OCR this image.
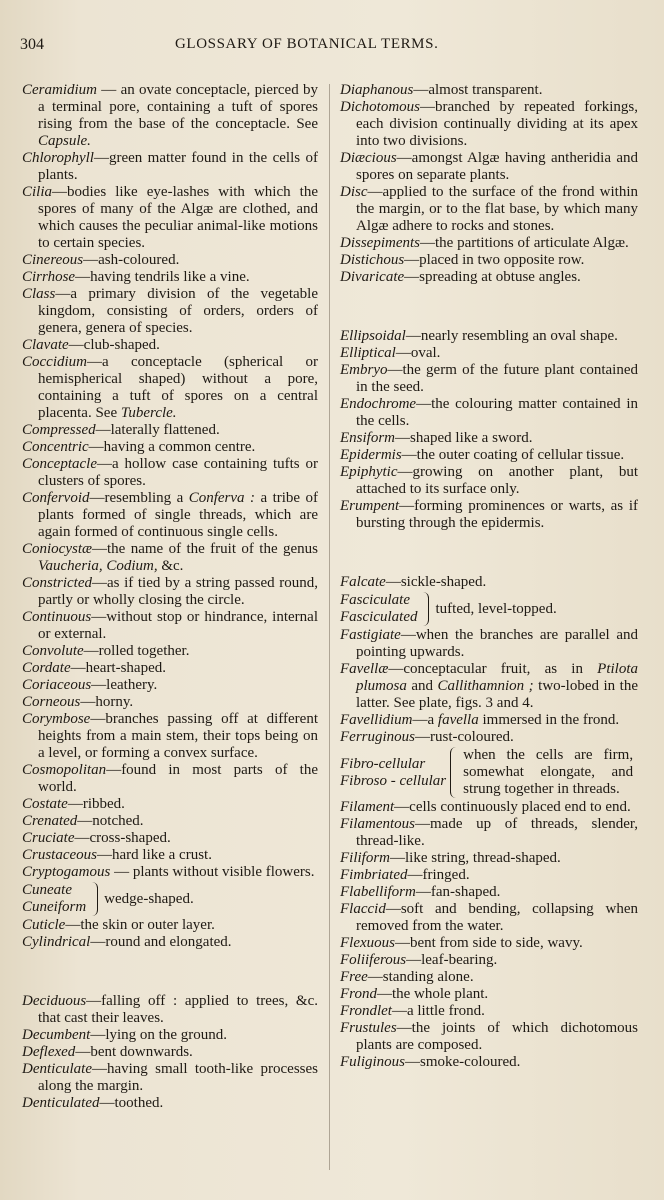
304	GLOSSARY OF BOTANICAL TERMS.

Ceramidium — an ovate conceptacle, pierced by a terminal pore, containing a tuft of spores rising from the base of the conceptacle. See Capsule.

Chlorophyll—green matter found in the cells of plants.

Cilia—bodies like eye-lashes with which the spores of many of the Algæ are clothed, and which causes the peculiar animal-like motions to certain species.

Cinereous—ash-coloured.

Cirrhose—having tendrils like a vine.

Class—a primary division of the vegetable kingdom, consisting of orders, orders of genera, genera of species.

Clavate—club-shaped.

Coccidium—a conceptacle (spherical or hemispherical shaped) without a pore, containing a tuft of spores on a central placenta. See Tubercle.

Compressed—laterally flattened.

Concentric—having a common centre.

Conceptacle—a hollow case containing tufts or clusters of spores.

Confervoid—resembling a Conferva : a tribe of plants formed of single threads, which are again formed of continuous single cells.

Coniocystæ—the name of the fruit of the genus Vaucheria, Codium, &c.

Constricted—as if tied by a string passed round, partly or wholly closing the circle.

Continuous—without stop or hindrance, internal or external.

Convolute—rolled together.

Cordate—heart-shaped.

Coriaceous—leathery.

Corneous—horny.

Corymbose—branches passing off at different heights from a main stem, their tops being on a level, or forming a convex surface.

Cosmopolitan—found in most parts of the world.

Costate—ribbed.

Crenated—notched.

Cruciate—cross-shaped.

Crustaceous—hard like a crust.

Cryptogamous — plants without visible flowers.

Cuneate
Cuneiform
wedge-shaped.

Cuticle—the skin or outer layer.

Cylindrical—round and elongated.

Deciduous—falling off : applied to trees, &c. that cast their leaves.

Decumbent—lying on the ground.

Deflexed—bent downwards.

Denticulate—having small tooth-like processes along the margin.

Denticulated—toothed.

Diaphanous—almost transparent.

Dichotomous—branched by repeated forkings, each division continually dividing at its apex into two divisions.

Diæcious—amongst Algæ having antheridia and spores on separate plants.

Disc—applied to the surface of the frond within the margin, or to the flat base, by which many Algæ adhere to rocks and stones.

Dissepiments—the partitions of articulate Algæ.

Distichous—placed in two opposite row.

Divaricate—spreading at obtuse angles.

Ellipsoidal—nearly resembling an oval shape.

Elliptical—oval.

Embryo—the germ of the future plant contained in the seed.

Endochrome—the colouring matter contained in the cells.

Ensiform—shaped like a sword.

Epidermis—the outer coating of cellular tissue.

Epiphytic—growing on another plant, but attached to its surface only.

Erumpent—forming prominences or warts, as if bursting through the epidermis.

Falcate—sickle-shaped.

Fasciculate
Fasciculated
tufted, level-topped.

Fastigiate—when the branches are parallel and pointing upwards.

Favellæ—conceptacular fruit, as in Ptilota plumosa and Callithamnion ; two-lobed in the latter. See plate, figs. 3 and 4.

Favellidium—a favella immersed in the frond.

Ferruginous—rust-coloured.

Fibro-cellular
Fibroso - cellular
when the cells are firm, somewhat elongate, and strung together in threads.

Filament—cells continuously placed end to end.

Filamentous—made up of threads, slender, thread-like.

Filiform—like string, thread-shaped.

Fimbriated—fringed.

Flabelliform—fan-shaped.

Flaccid—soft and bending, collapsing when removed from the water.

Flexuous—bent from side to side, wavy.

Foliiferous—leaf-bearing.

Free—standing alone.

Frond—the whole plant.

Frondlet—a little frond.

Frustules—the joints of which dichotomous plants are composed.

Fuliginous—smoke-coloured.
